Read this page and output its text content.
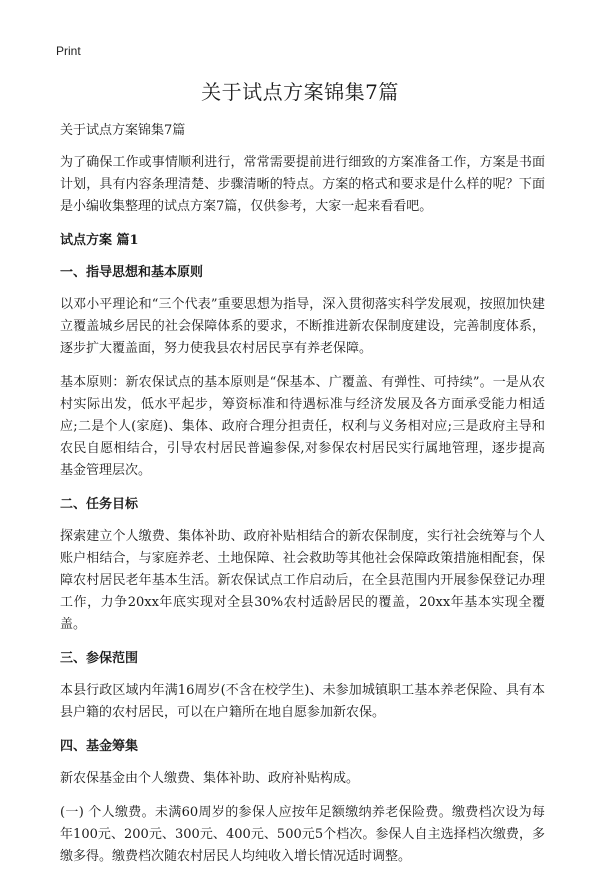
Print
关于试点方案锦集7篇

关于试点方案锦集7篇

为了确保工作或事情顺利进行，常常需要提前进行细致的方案准备工作，方案是书面计划，具有内容条理清楚、步骤清晰的特点。方案的格式和要求是什么样的呢？下面是小编收集整理的试点方案7篇，仅供参考，大家一起来看看吧。

试点方案 篇1
一、指导思想和基本原则

以邓小平理论和“三个代表”重要思想为指导，深入贯彻落实科学发展观，按照加快建立覆盖城乡居民的社会保障体系的要求，不断推进新农保制度建设，完善制度体系，逐步扩大覆盖面，努力使我县农村居民享有养老保障。

基本原则：新农保试点的基本原则是“保基本、广覆盖、有弹性、可持续”。一是从农村实际出发，低水平起步，筹资标准和待遇标准与经济发展及各方面承受能力相适应;二是个人(家庭)、集体、政府合理分担责任，权利与义务相对应;三是政府主导和农民自愿相结合，引导农村居民普遍参保,对参保农村居民实行属地管理，逐步提高基金管理层次。

二、任务目标

探索建立个人缴费、集体补助、政府补贴相结合的新农保制度，实行社会统筹与个人账户相结合，与家庭养老、土地保障、社会救助等其他社会保障政策措施相配套，保障农村居民老年基本生活。新农保试点工作启动后，在全县范围内开展参保登记办理工作，力争20xx年底实现对全县30%农村适龄居民的覆盖，20xx年基本实现全覆盖。

三、参保范围

本县行政区域内年满16周岁(不含在校学生)、未参加城镇职工基本养老保险、具有本县户籍的农村居民，可以在户籍所在地自愿参加新农保。

四、基金筹集

新农保基金由个人缴费、集体补助、政府补贴构成。

(一) 个人缴费。未满60周岁的参保人应按年足额缴纳养老保险费。缴费档次设为每年100元、200元、300元、400元、500元5个档次。参保人自主选择档次缴费，多缴多得。缴费档次随农村居民人均纯收入增长情况适时调整。
